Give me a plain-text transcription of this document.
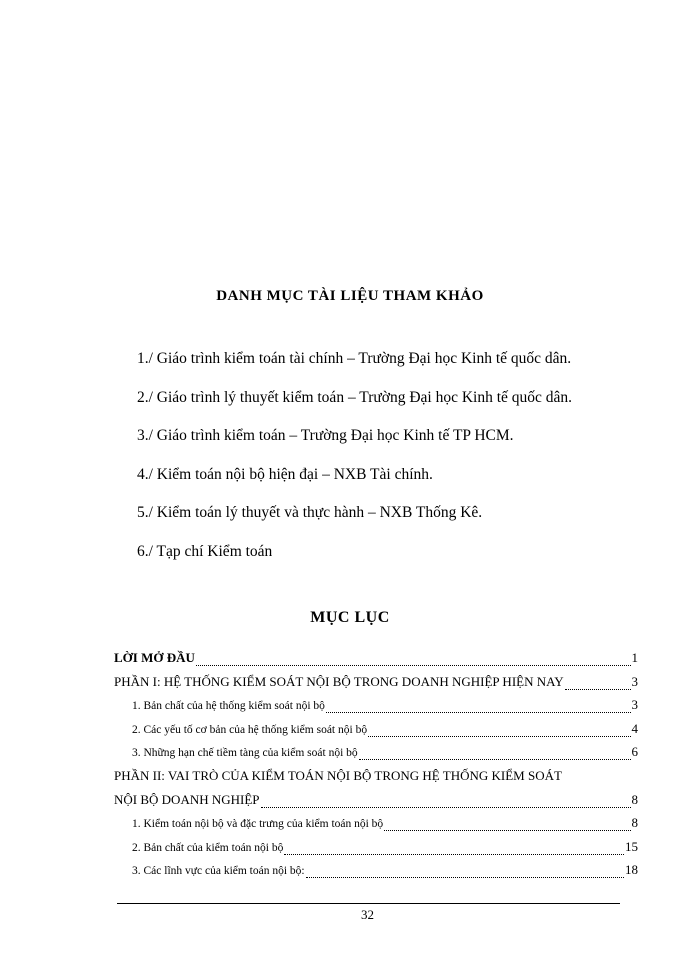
DANH MỤC TÀI LIỆU THAM KHẢO
1./ Giáo trình kiểm toán tài chính – Trường Đại học Kinh tế quốc dân.
2./ Giáo trình lý thuyết kiểm toán – Trường Đại học Kinh tế quốc dân.
3./ Giáo trình kiểm toán – Trường Đại học Kinh tế TP HCM.
4./ Kiểm toán nội bộ hiện đại – NXB Tài chính.
5./ Kiểm toán lý thuyết và thực hành – NXB Thống Kê.
6./ Tạp chí Kiểm toán
MỤC LỤC
LỜI MỞ ĐẦU	1
PHẦN I: HỆ THỐNG KIỂM SOÁT NỘI BỘ TRONG DOANH NGHIỆP HIỆN NAY	3
1. Bản chất của hệ thống kiểm soát nội bộ	3
2. Các yếu tố cơ bản của hệ thống kiểm soát nội bộ	4
3. Những hạn chế tiềm tàng của kiểm soát nội bộ	6
PHẦN II: VAI TRÒ CỦA KIỂM TOÁN NỘI BỘ TRONG HỆ THỐNG KIỂM SOÁT
NỘI BỘ DOANH NGHIỆP	8
1. Kiểm toán nội bộ và đặc trưng của kiểm toán nội bộ	8
2. Bản chất của kiểm toán nội bộ	15
3. Các lĩnh vực của kiểm toán nội bộ:	18
32
